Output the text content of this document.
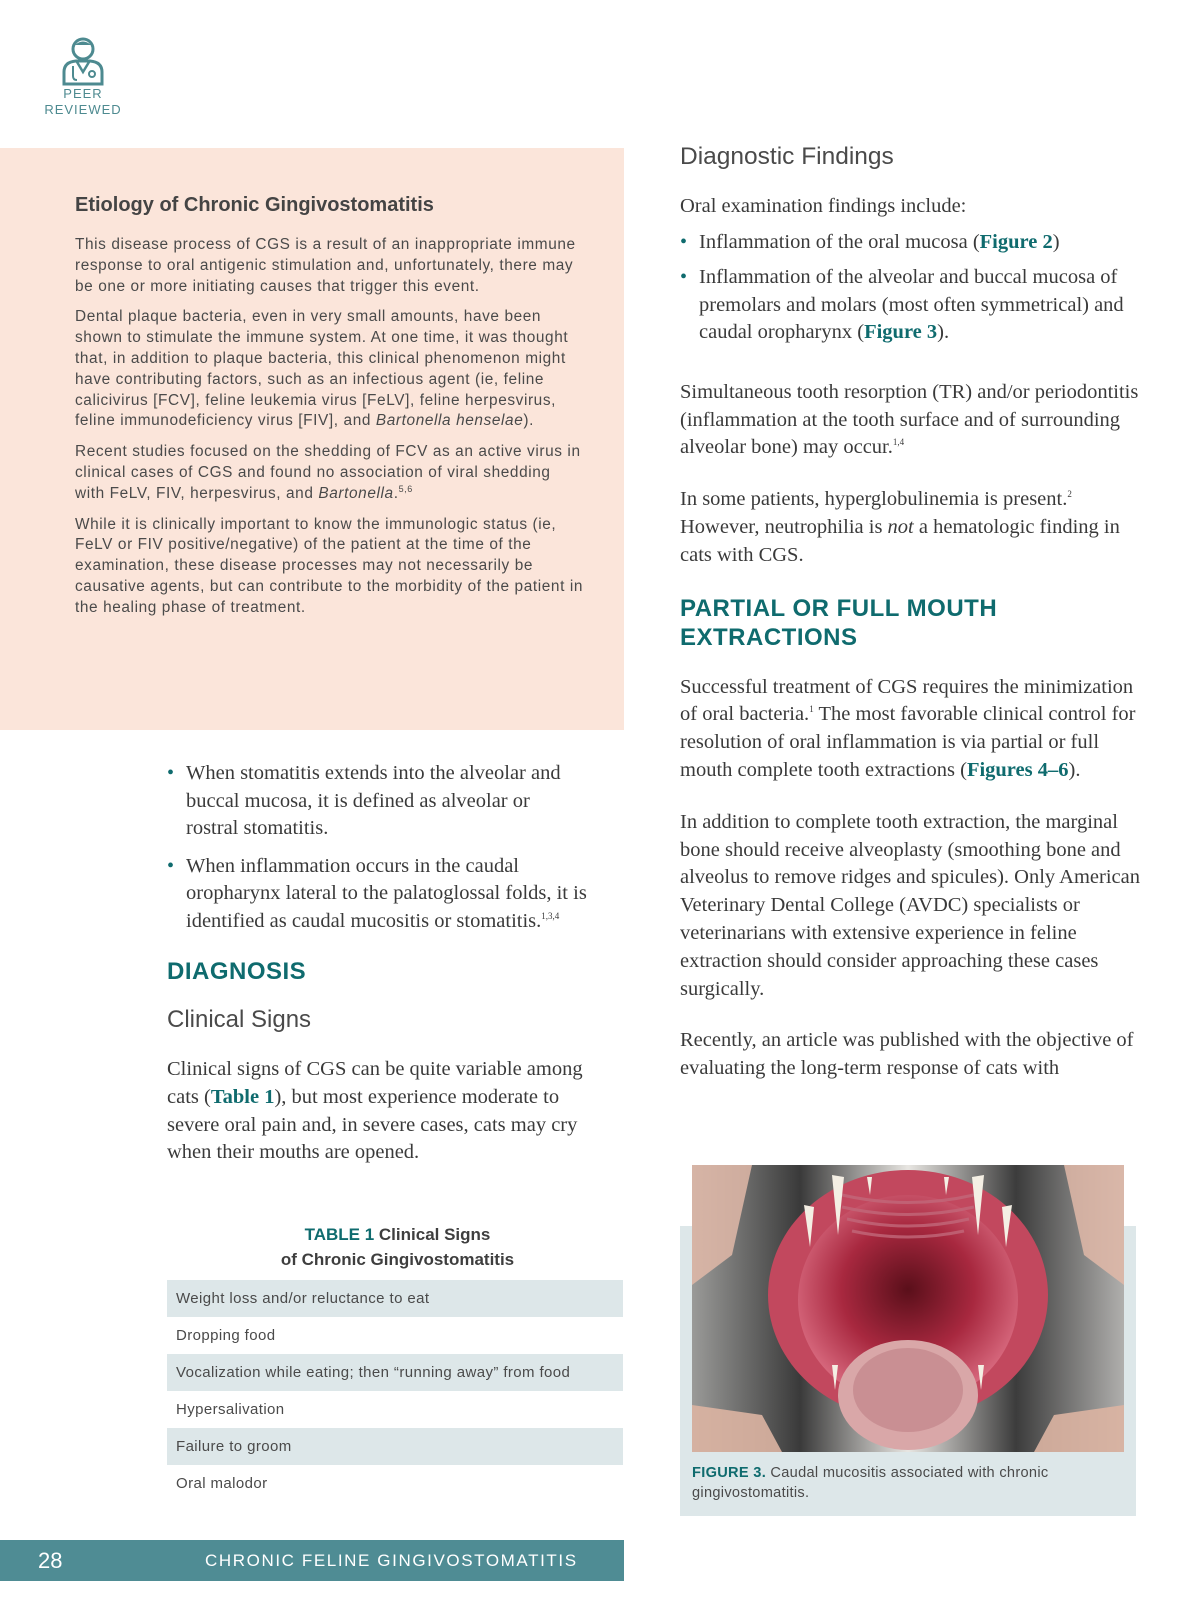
PEER
REVIEWED
Etiology of Chronic Gingivostomatitis

This disease process of CGS is a result of an inappropriate immune response to oral antigenic stimulation and, unfortunately, there may be one or more initiating causes that trigger this event.

Dental plaque bacteria, even in very small amounts, have been shown to stimulate the immune system. At one time, it was thought that, in addition to plaque bacteria, this clinical phenomenon might have contributing factors, such as an infectious agent (ie, feline calicivirus [FCV], feline leukemia virus [FeLV], feline herpesvirus, feline immunodeficiency virus [FIV], and Bartonella henselae).

Recent studies focused on the shedding of FCV as an active virus in clinical cases of CGS and found no association of viral shedding with FeLV, FIV, herpesvirus, and Bartonella.$^{5,6}$

While it is clinically important to know the immunologic status (ie, FeLV or FIV positive/negative) of the patient at the time of the examination, these disease processes may not necessarily be causative agents, but can contribute to the morbidity of the patient in the healing phase of treatment.

• When stomatitis extends into the alveolar and buccal mucosa, it is defined as alveolar or rostral stomatitis.
• When inflammation occurs in the caudal oropharynx lateral to the palatoglossal folds, it is identified as caudal mucositis or stomatitis.$^{1,3,4}$
DIAGNOSIS
Clinical Signs

Clinical signs of CGS can be quite variable among cats (Table 1), but most experience moderate to severe oral pain and, in severe cases, cats may cry when their mouths are opened.

TABLE 1 Clinical Signs
of Chronic Gingivostomatitis
Weight loss and/or reluctance to eat
Dropping food
Vocalization while eating; then “running away” from food
Hypersalivation
Failure to groom
Oral malodor
28	CHRONIC FELINE GINGIVOSTOMATITIS
Diagnostic Findings

Oral examination findings include:

• Inflammation of the oral mucosa (Figure 2)
• Inflammation of the alveolar and buccal mucosa of premolars and molars (most often symmetrical) and caudal oropharynx (Figure 3).

Simultaneous tooth resorption (TR) and/or periodontitis (inflammation at the tooth surface and of surrounding alveolar bone) may occur.$^{1,4}$

In some patients, hyperglobulinemia is present.$^2$ However, neutrophilia is not a hematologic finding in cats with CGS.

PARTIAL OR FULL MOUTH EXTRACTIONS

Successful treatment of CGS requires the minimization of oral bacteria.$^1$ The most favorable clinical control for resolution of oral inflammation is via partial or full mouth complete tooth extractions (Figures 4–6).

In addition to complete tooth extraction, the marginal bone should receive alveoplasty (smoothing bone and alveolus to remove ridges and spicules). Only American Veterinary Dental College (AVDC) specialists or veterinarians with extensive experience in feline extraction should consider approaching these cases surgically.

Recently, an article was published with the objective of evaluating the long-term response of cats with

FIGURE 3. Caudal mucositis associated with chronic gingivostomatitis.
